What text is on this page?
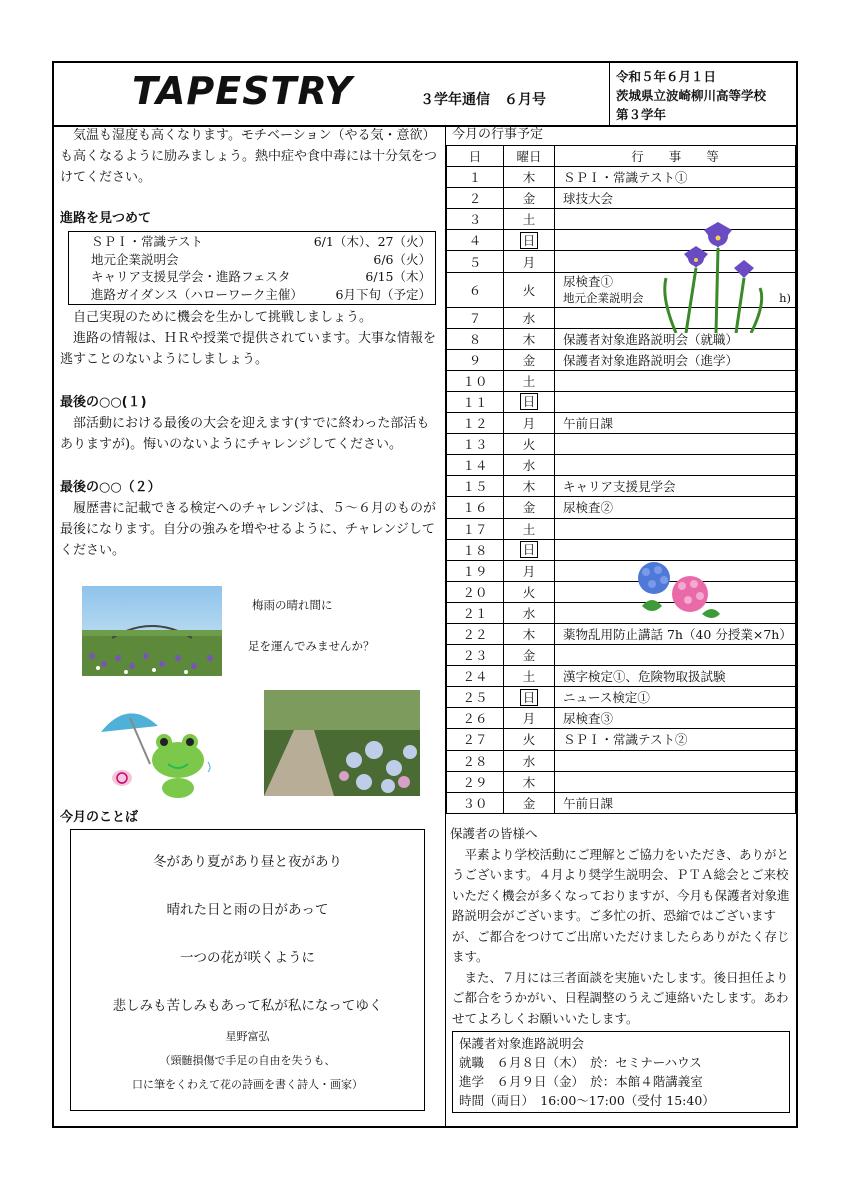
TAPESTRY	３学年通信　６月号
令和５年６月１日
茨城県立波崎柳川高等学校
第３学年

気温も湿度も高くなります。モチベーション（やる気・意欲）も高くなるように励みましょう。熱中症や食中毒には十分気をつけてください。

進路を見つめて
ＳＰＩ・常識テスト	6/1（木）、27（火）
地元企業説明会	6/6（火）
キャリア支援見学会・進路フェスタ	6/15（木）
進路ガイダンス（ハローワーク主催）	6月下旬（予定）

自己実現のために機会を生かして挑戦しましょう。

進路の情報は、ＨＲや授業で提供されています。大事な情報を逃すことのないようにしましょう。

最後の○○(１)

部活動における最後の大会を迎えます(すでに終わった部活もありますが)。悔いのないようにチャレンジしてください。

最後の○○（２）

履歴書に記載できる検定へのチャレンジは、５～６月のものが最後になります。自分の強みを増やせるように、チャレンジしてください。

梅雨の晴れ間に
足を運んでみませんか？
今月のことば
冬があり夏があり昼と夜があり
晴れた日と雨の日があって
一つの花が咲くように
悲しみも苦しみもあって私が私になってゆく
星野富弘
（頸髄損傷で手足の自由を失うも、
口に筆をくわえて花の詩画を書く詩人・画家）
今月の行事予定
日	曜日	行　　事　　等
１	木	ＳＰＩ・常識テスト①

２	金	球技大会

３	土	

４	日	

５	月	

６	火	尿検査①
地元企業説明会 h)

７	水	

８	木	保護者対象進路説明会（就職）

９	金	保護者対象進路説明会（進学）

１０	土	

１１	日	

１２	月	午前日課

１３	火	

１４	水	

１５	木	キャリア支援見学会

１６	金	尿検査②

１７	土	

１８	日	

１９	月	

２０	火	

２１	水	

２２	木	薬物乱用防止講話 7h（40 分授業×7h）

２３	金	

２４	土	漢字検定①、危険物取扱試験

２５	日	ニュース検定①

２６	月	尿検査③

２７	火	ＳＰＩ・常識テスト②

２８	水	

２９	木	

３０	金	午前日課
保護者の皆様へ

平素より学校活動にご理解とご協力をいただき、ありがとうございます。４月より奨学生説明会、ＰＴＡ総会とご来校いただく機会が多くなっておりますが、今月も保護者対象進路説明会がございます。ご多忙の折、恐縮ではございますが、ご都合をつけてご出席いただけましたらありがたく存じます。

また、７月には三者面談を実施いたします。後日担任よりご都合をうかがい、日程調整のうえご連絡いたします。あわせてよろしくお願いいたします。

保護者対象進路説明会
就職　６月８日（木）　於：セミナーハウス
進学　６月９日（金）　於：本館４階講義室
時間（両日）　16:00～17:00（受付 15:40）
